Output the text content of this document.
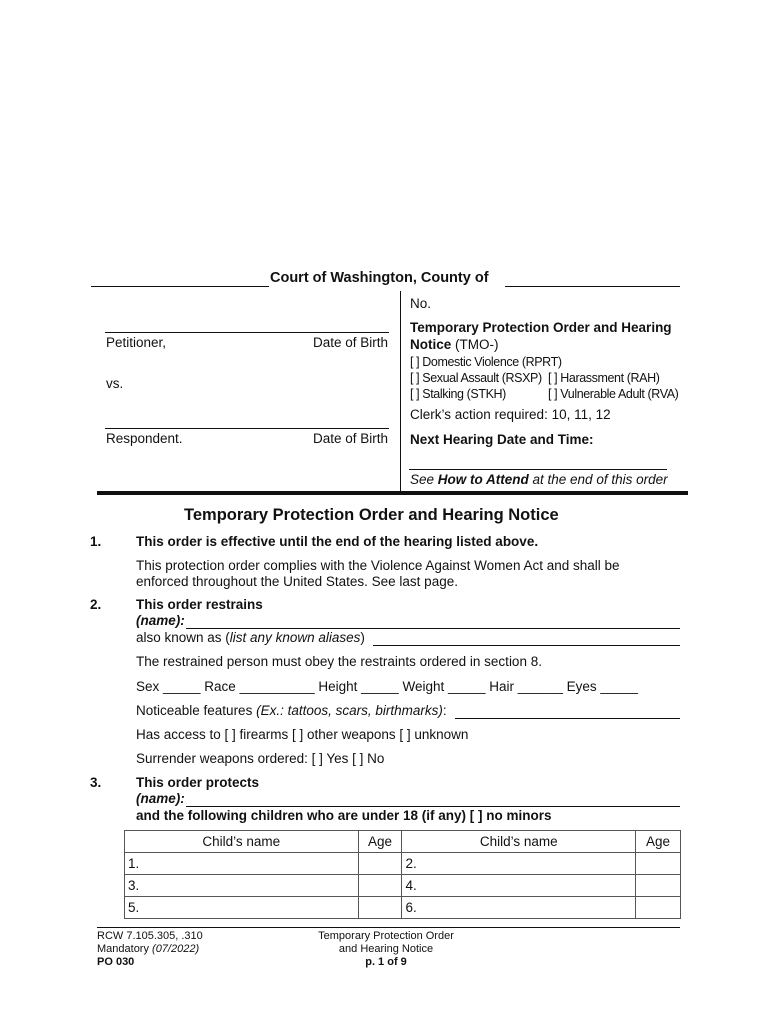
Court of Washington, County of
No.
Petitioner,	Date of Birth
Temporary Protection Order and Hearing Notice (TMO-)
[ ] Domestic Violence (RPRT)
[ ] Sexual Assault (RSXP) [ ] Harassment (RAH)
[ ] Stalking (STKH)	[ ] Vulnerable Adult (RVA)
vs.
Clerk’s action required: 10, 11, 12
Respondent.	Date of Birth Next Hearing Date and Time:
See How to Attend at the end of this order
Temporary Protection Order and Hearing Notice
1.	This order is effective until the end of the hearing listed above.
This protection order complies with the Violence Against Women Act and shall be
enforced throughout the United States. See last page.
2.	This order restrains
(name):
also known as (list any known aliases)
The restrained person must obey the restraints ordered in section 8.
Sex _____ Race __________ Height _____ Weight _____ Hair ______ Eyes _____
Noticeable features (Ex.: tattoos, scars, birthmarks):
Has access to [ ] firearms [ ] other weapons [ ] unknown
Surrender weapons ordered: [ ] Yes [ ] No
3.	This order protects
(name):
and the following children who are under 18 (if any) [ ] no minors
Child’s name	Age	Child’s name	Age
1.		2.	
3.		4.	
5.		6.	
RCW 7.105.305, .310
Mandatory (07/2022)
PO 030
Temporary Protection Order
and Hearing Notice
p. 1 of 9
